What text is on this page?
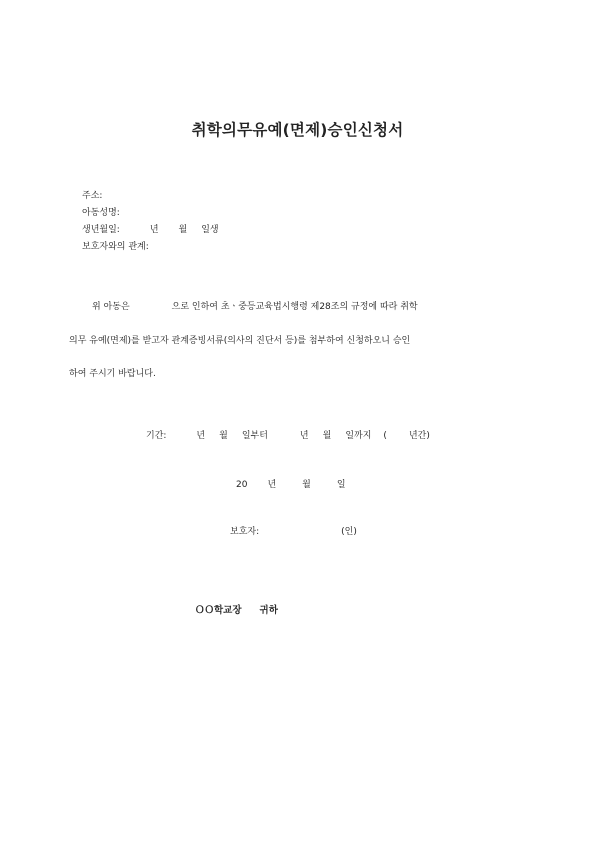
취학의무유예(면제)승인신청서
주소:
아동성명:
생년월일:	년 월 일생
보호자와의 관계:
위 아동은	으로 인하여 초ㆍ중등교육법시행령 제28조의 규정에 따라 취학
의무 유예(면제)를 받고자 관계증빙서류(의사의 진단서 등)를 첨부하여 신청하오니 승인
하여 주시기 바랍니다.
기간:	년 월 일부터	년 월 일까지 ( 년간)
20 년	월	일
보호자:	(인)
ＯＯ학교장 귀하
